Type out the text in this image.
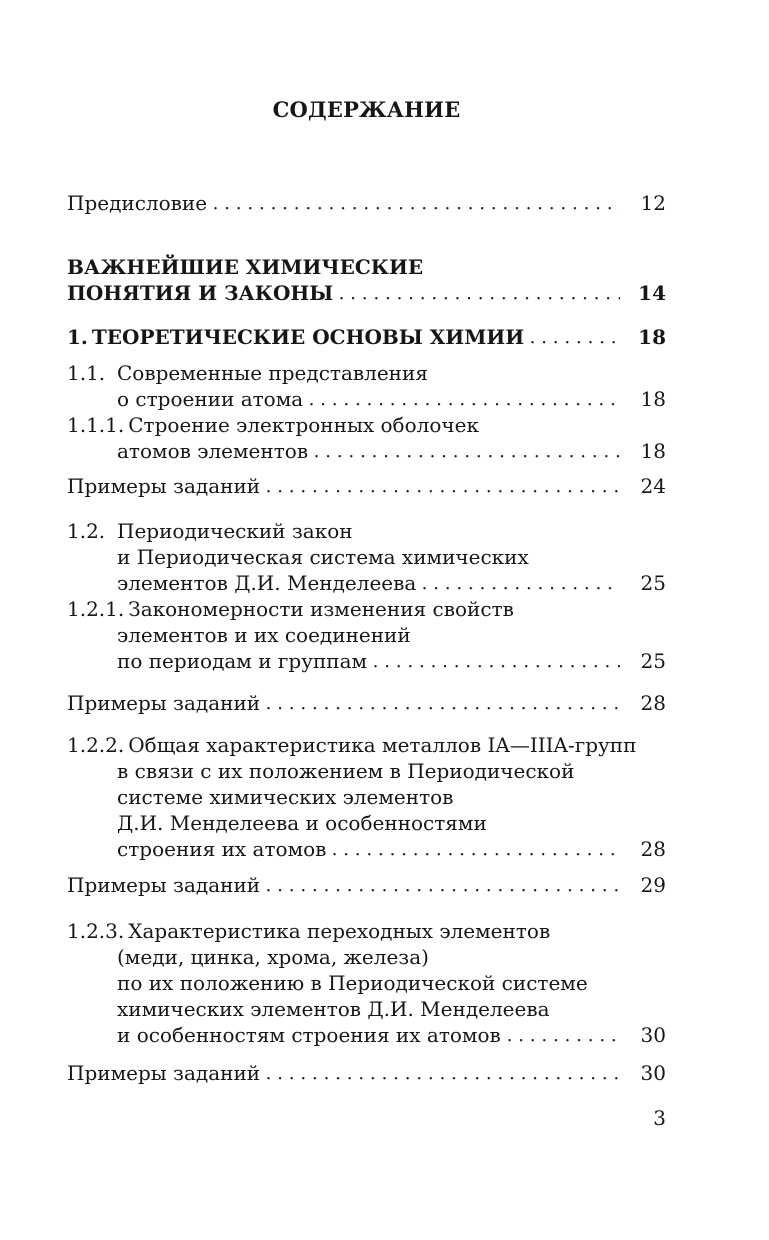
СОДЕРЖАНИЕ
Предисловие	12
ВАЖНЕЙШИЕ ХИМИЧЕСКИЕ
ПОНЯТИЯ И ЗАКОНЫ	14
1. ТЕОРЕТИЧЕСКИЕ ОСНОВЫ ХИМИИ	18
1.1. Современные представления
о строении атома	18
1.1.1. Строение электронных оболочек
атомов элементов	18
Примеры заданий	24
1.2. Периодический закон
и Периодическая система химических
элементов Д.И. Менделеева	25
1.2.1. Закономерности изменения свойств
элементов и их соединений
по периодам и группам	25
Примеры заданий	28
1.2.2. Общая характеристика металлов IA—IIIA-групп
в связи с их положением в Периодической
системе химических элементов
Д.И. Менделеева и особенностями
строения их атомов	28
Примеры заданий	29
1.2.3. Характеристика переходных элементов
(меди, цинка, хрома, железа)
по их положению в Периодической системе
химических элементов Д.И. Менделеева
и особенностям строения их атомов	30
Примеры заданий	30
3
